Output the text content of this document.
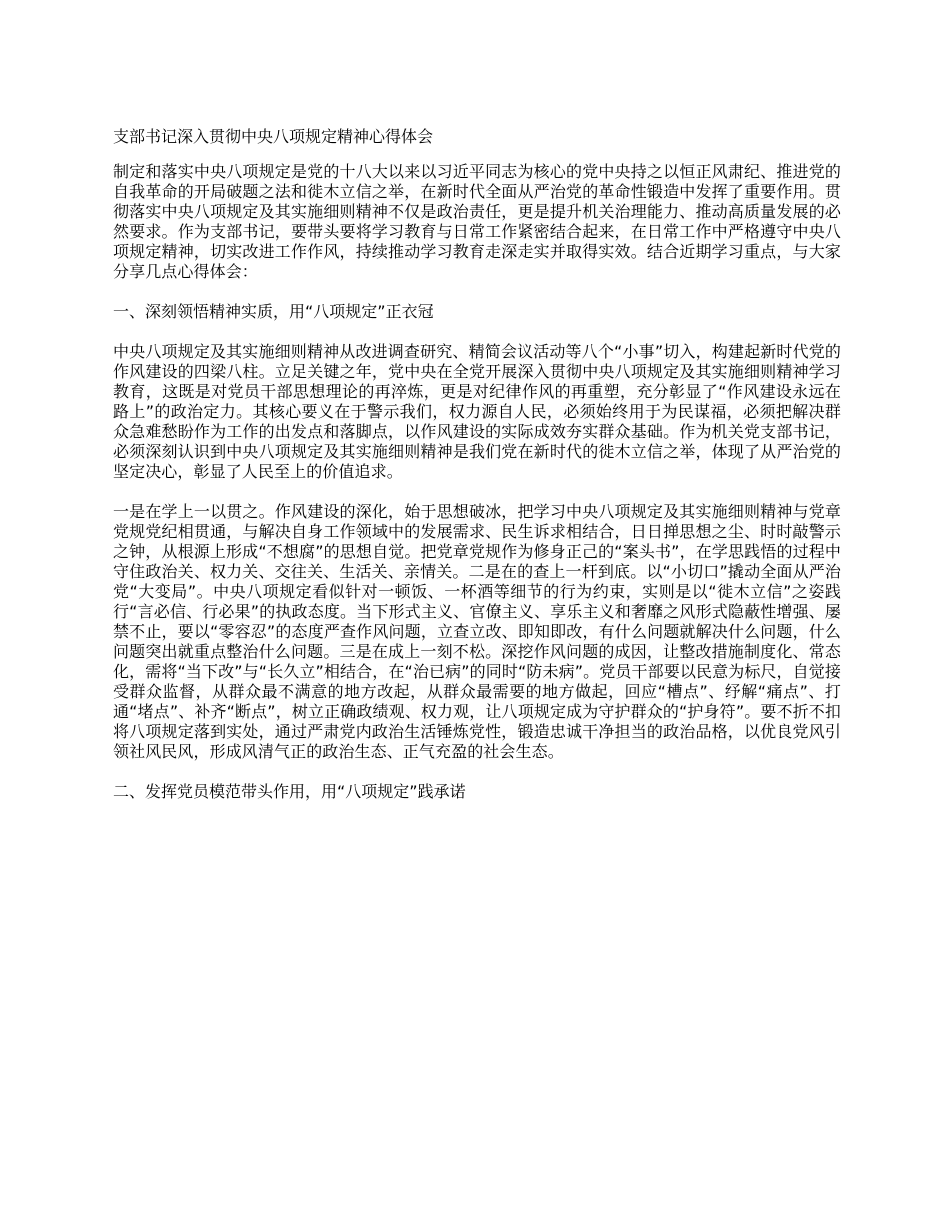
支部书记深入贯彻中央八项规定精神心得体会

制定和落实中央八项规定是党的十八大以来以习近平同志为核心的党中央持之以恒正风肃纪、推进党的自我革命的开局破题之法和徙木立信之举，在新时代全面从严治党的革命性锻造中发挥了重要作用。贯彻落实中央八项规定及其实施细则精神不仅是政治责任，更是提升机关治理能力、推动高质量发展的必然要求。作为支部书记，要带头要将学习教育与日常工作紧密结合起来，在日常工作中严格遵守中央八项规定精神，切实改进工作作风，持续推动学习教育走深走实并取得实效。结合近期学习重点，与大家分享几点心得体会：

一、深刻领悟精神实质，用“八项规定”正衣冠

中央八项规定及其实施细则精神从改进调查研究、精简会议活动等八个“小事”切入，构建起新时代党的作风建设的四梁八柱。立足关键之年，党中央在全党开展深入贯彻中央八项规定及其实施细则精神学习教育，这既是对党员干部思想理论的再淬炼，更是对纪律作风的再重塑，充分彰显了“作风建设永远在路上”的政治定力。其核心要义在于警示我们，权力源自人民，必须始终用于为民谋福，必须把解决群众急难愁盼作为工作的出发点和落脚点，以作风建设的实际成效夯实群众基础。作为机关党支部书记，必须深刻认识到中央八项规定及其实施细则精神是我们党在新时代的徙木立信之举，体现了从严治党的坚定决心，彰显了人民至上的价值追求。

一是在学上一以贯之。作风建设的深化，始于思想破冰，把学习中央八项规定及其实施细则精神与党章党规党纪相贯通，与解决自身工作领域中的发展需求、民生诉求相结合，日日掸思想之尘、时时敲警示之钟，从根源上形成“不想腐”的思想自觉。把党章党规作为修身正己的“案头书”，在学思践悟的过程中守住政治关、权力关、交往关、生活关、亲情关。二是在的查上一杆到底。以“小切口”撬动全面从严治党“大变局”。中央八项规定看似针对一顿饭、一杯酒等细节的行为约束，实则是以“徙木立信”之姿践行“言必信、行必果”的执政态度。当下形式主义、官僚主义、享乐主义和奢靡之风形式隐蔽性增强、屡禁不止，要以“零容忍”的态度严查作风问题，立查立改、即知即改，有什么问题就解决什么问题，什么问题突出就重点整治什么问题。三是在成上一刻不松。深挖作风问题的成因，让整改措施制度化、常态化，需将“当下改”与“长久立”相结合，在“治已病”的同时“防未病”。党员干部要以民意为标尺，自觉接受群众监督，从群众最不满意的地方改起，从群众最需要的地方做起，回应“槽点”、纾解“痛点”、打通“堵点”、补齐“断点”，树立正确政绩观、权力观，让八项规定成为守护群众的“护身符”。要不折不扣将八项规定落到实处，通过严肃党内政治生活锤炼党性，锻造忠诚干净担当的政治品格，以优良党风引领社风民风，形成风清气正的政治生态、正气充盈的社会生态。

二、发挥党员模范带头作用，用“八项规定”践承诺
